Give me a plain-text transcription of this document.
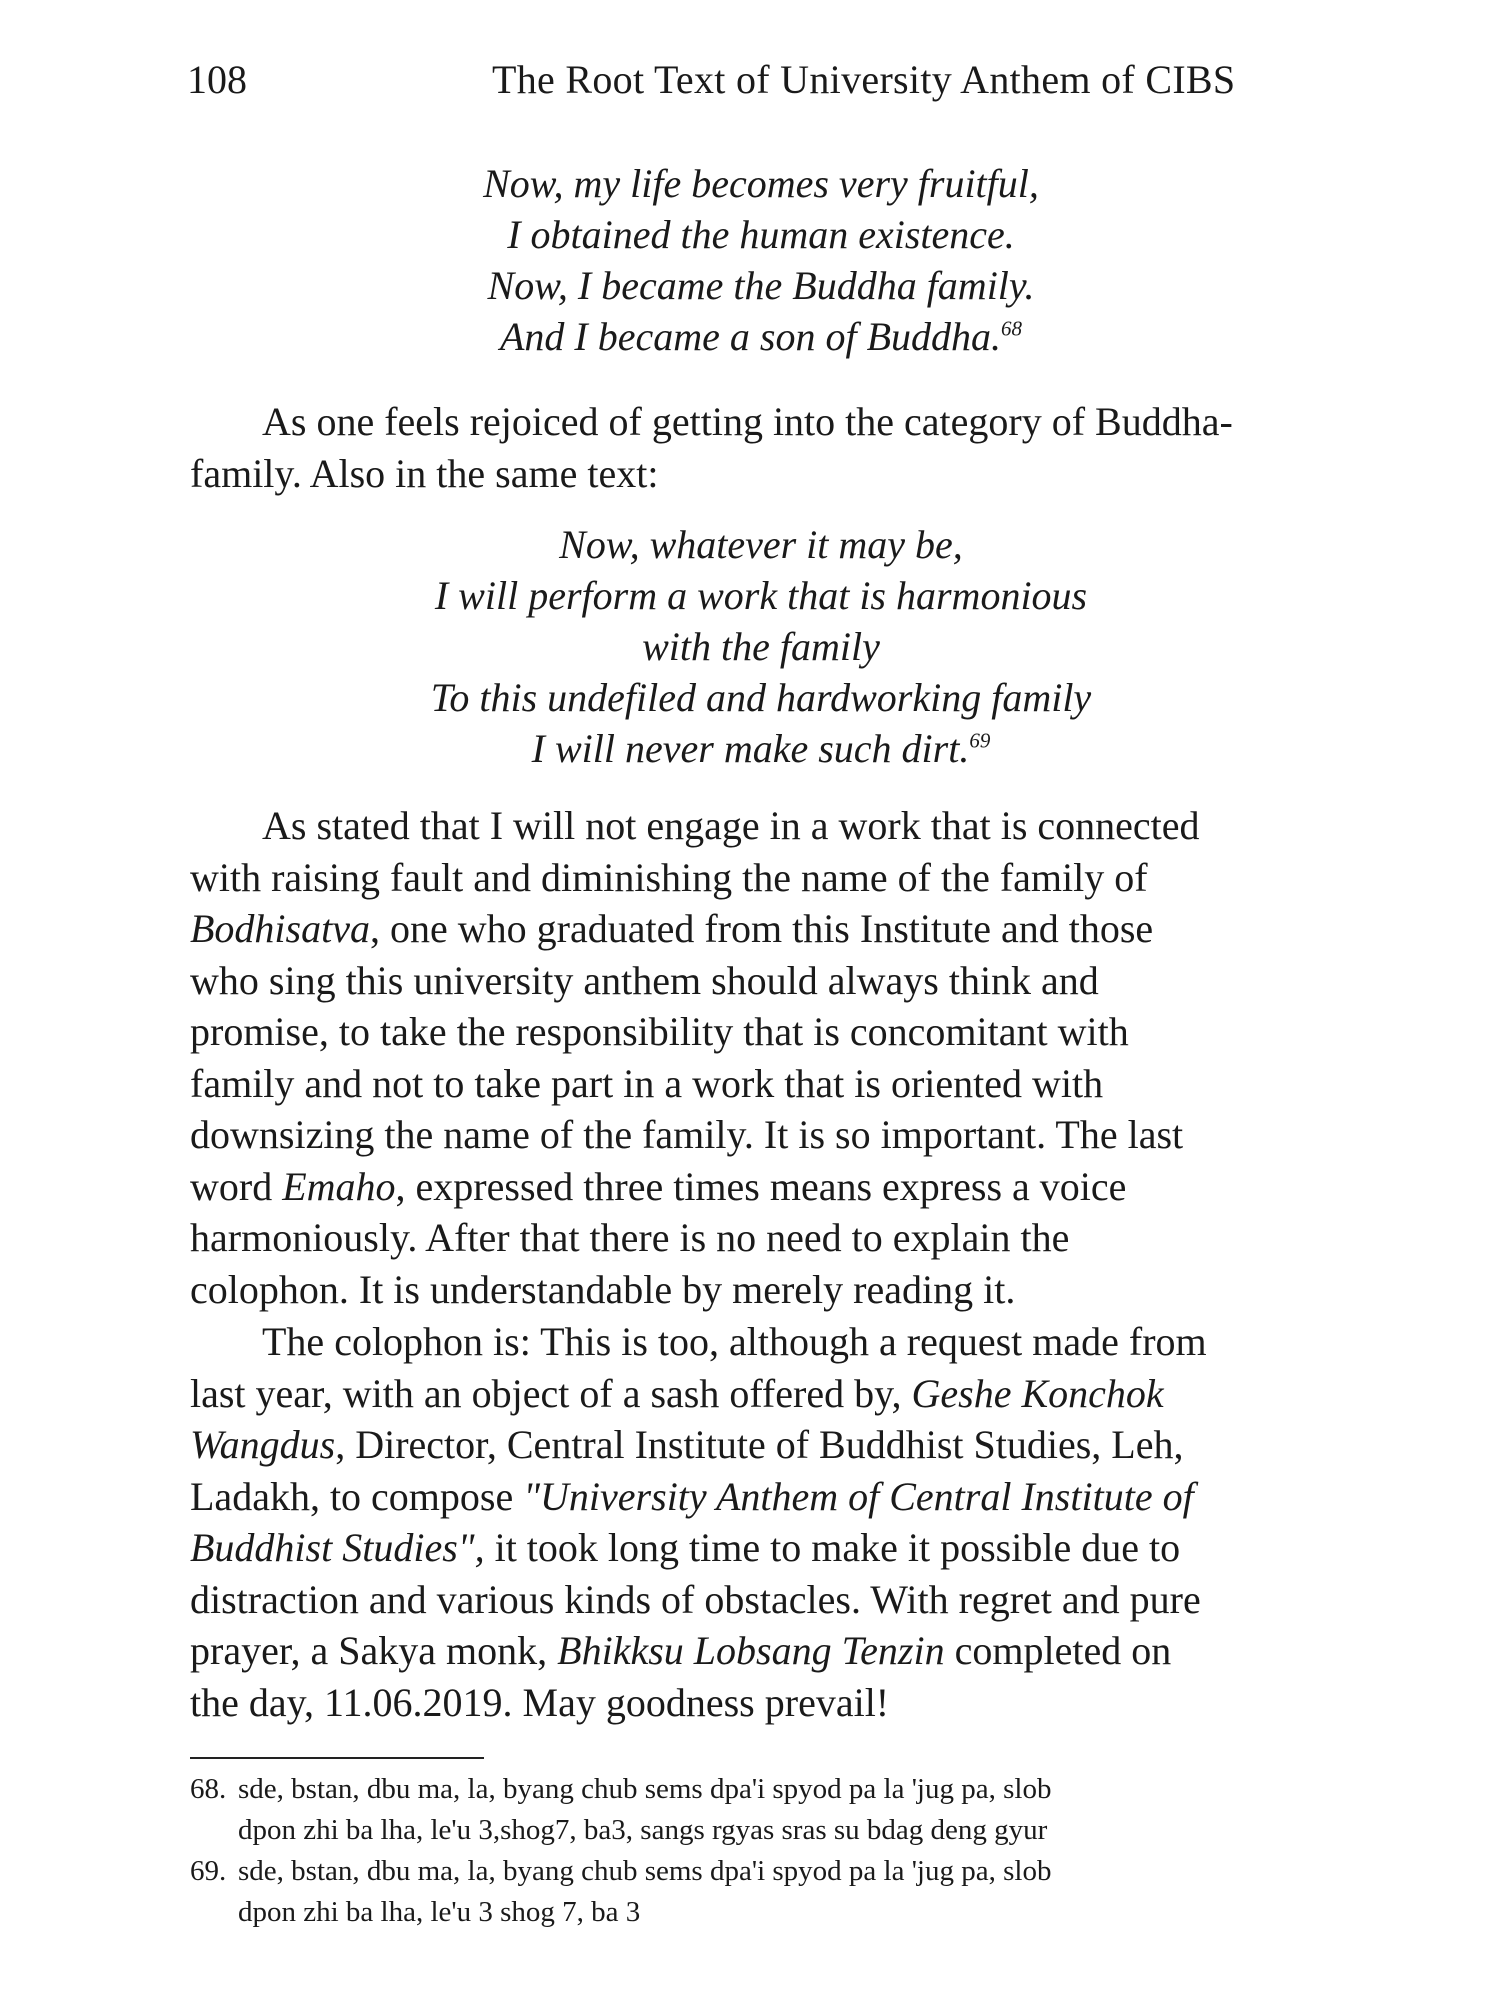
108	The Root Text of University Anthem of CIBS
Now, my life becomes very fruitful,
I obtained the human existence.
Now, I became the Buddha family.
And I became a son of Buddha.$^{68}$
As one feels rejoiced of getting into the category of Buddha-
family. Also in the same text:
Now, whatever it may be,
I will perform a work that is harmonious
with the family
To this undefiled and hardworking family
I will never make such dirt.$^{69}$
As stated that I will not engage in a work that is connected
with raising fault and diminishing the name of the family of
Bodhisatva, one who graduated from this Institute and those
who sing this university anthem should always think and
promise, to take the responsibility that is concomitant with
family and not to take part in a work that is oriented with
downsizing the name of the family. It is so important. The last
word Emaho, expressed three times means express a voice
harmoniously. After that there is no need to explain the
colophon. It is understandable by merely reading it.
The colophon is: This is too, although a request made from
last year, with an object of a sash offered by, Geshe Konchok
Wangdus, Director, Central Institute of Buddhist Studies, Leh,
Ladakh, to compose "University Anthem of Central Institute of
Buddhist Studies", it took long time to make it possible due to
distraction and various kinds of obstacles. With regret and pure
prayer, a Sakya monk, Bhikksu Lobsang Tenzin completed on
the day, 11.06.2019. May goodness prevail!
68. sde, bstan, dbu ma, la, byang chub sems dpa'i spyod pa la 'jug pa, slob
dpon zhi ba lha, le'u 3,shog7, ba3, sangs rgyas sras su bdag deng gyur
69. sde, bstan, dbu ma, la, byang chub sems dpa'i spyod pa la 'jug pa, slob
dpon zhi ba lha, le'u 3 shog 7, ba 3
